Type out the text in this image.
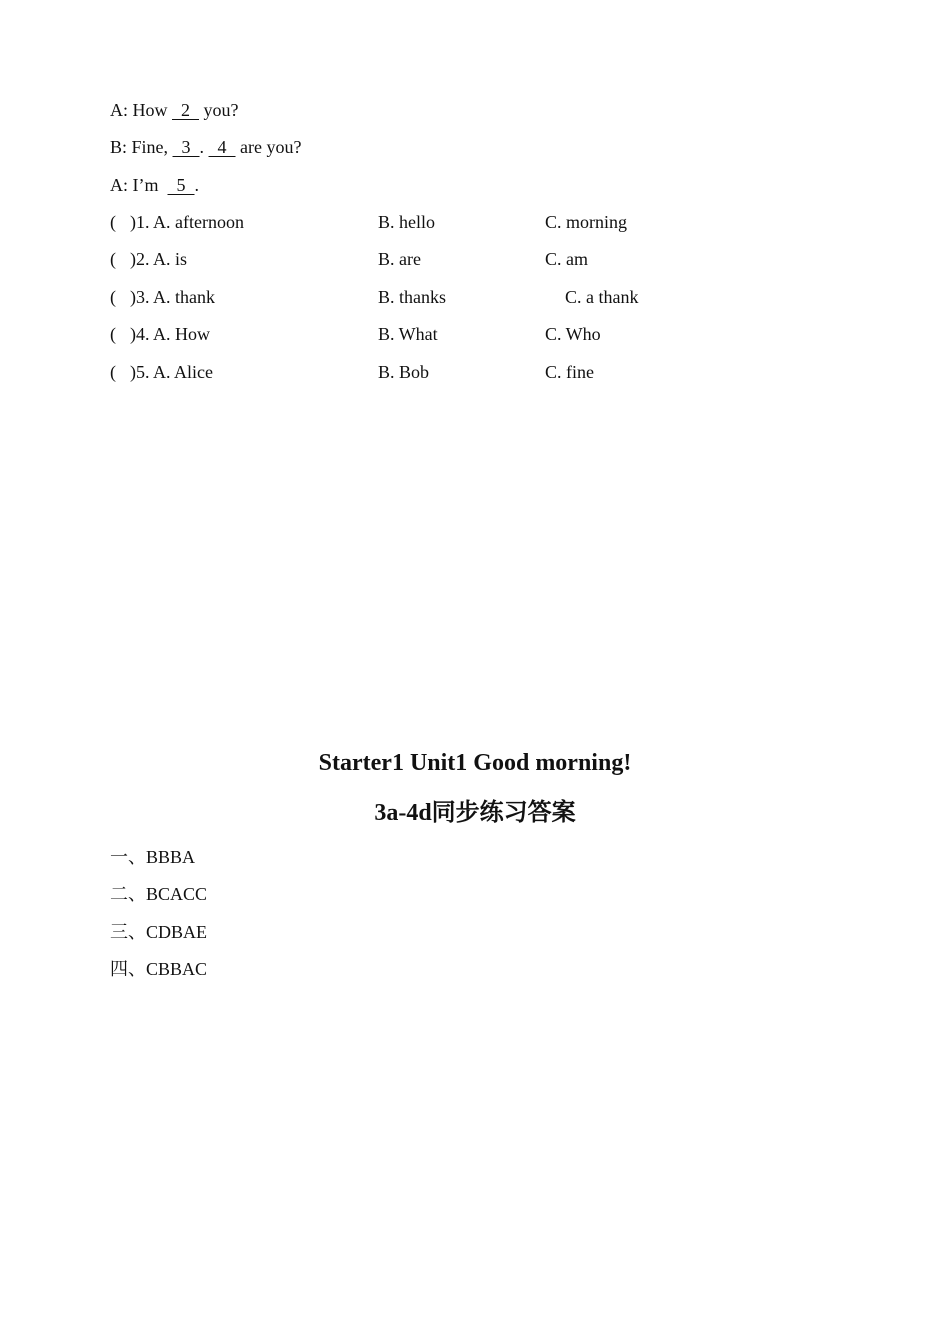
A: How   2   you?
B: Fine,   3  .   4   are you?
A: I’m    5  .
( )1. A. afternoon	B. hello	C. morning
( )2. A. is	B. are	C. am
( )3. A. thank	B. thanks	C. a thank
( )4. A. How	B. What	C. Who
( )5. A. Alice	B. Bob	C. fine
Starter1 Unit1 Good morning!
3a-4d同步练习答案
一、BBBA
二、BCACC
三、CDBAE
四、CBBAC
